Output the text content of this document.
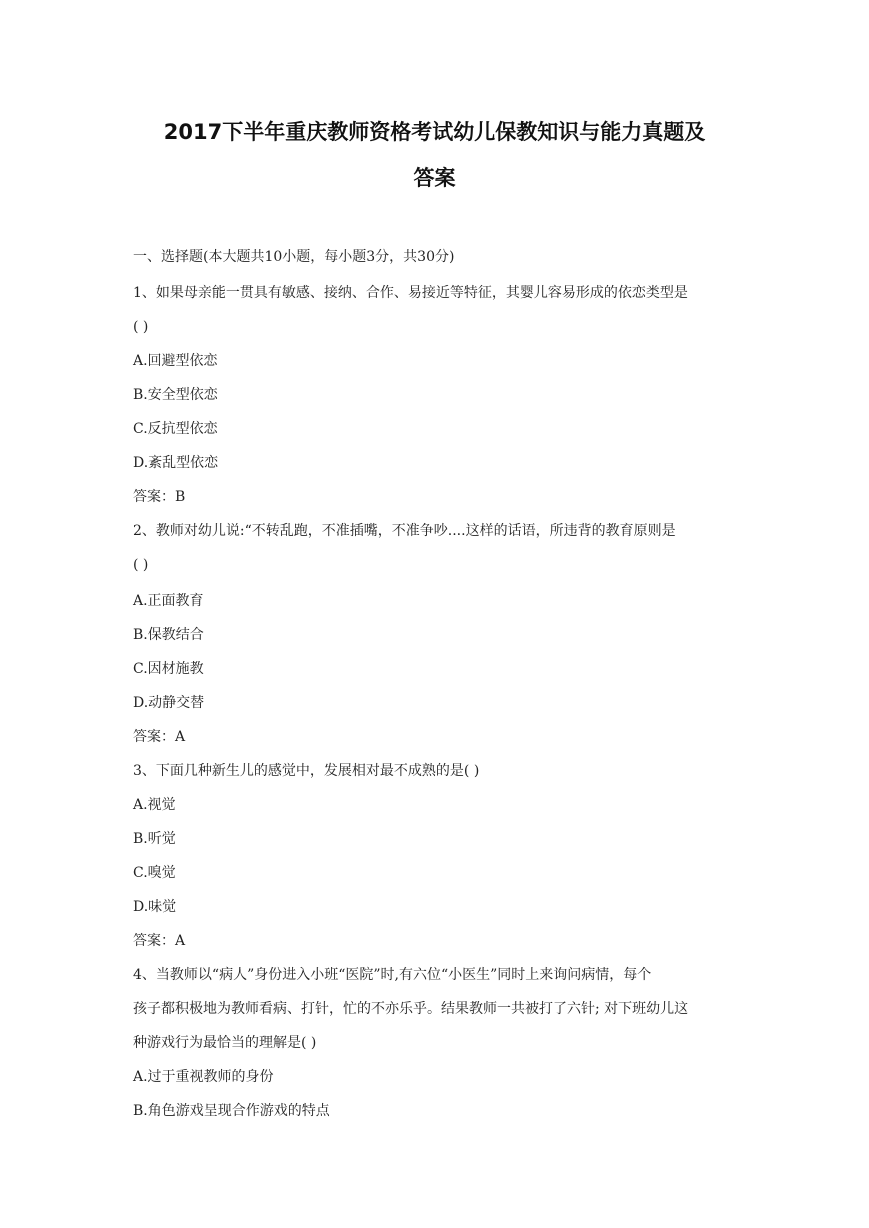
2017下半年重庆教师资格考试幼儿保教知识与能力真题及
答案
一、选择题(本大题共10小题，每小题3分，共30分)
1、如果母亲能一贯具有敏感、接纳、合作、易接近等特征，其婴儿容易形成的依恋类型是
( )
A.回避型依恋
B.安全型依恋
C.反抗型依恋
D.紊乱型依恋
答案：B
2、教师对幼儿说:“不转乱跑，不准插嘴，不准争吵....这样的话语，所违背的教育原则是
( )
A.正面教育
B.保教结合
C.因材施教
D.动静交替
答案：A
3、下面几种新生儿的感觉中，发展相对最不成熟的是( )
A.视觉
B.听觉
C.嗅觉
D.味觉
答案：A
4、当教师以“病人”身份进入小班“医院”时,有六位“小医生”同时上来询问病情，每个
孩子都积极地为教师看病、打针，忙的不亦乐乎。结果教师一共被打了六针; 对下班幼儿这
种游戏行为最恰当的理解是( )
A.过于重视教师的身份
B.角色游戏呈现合作游戏的特点
